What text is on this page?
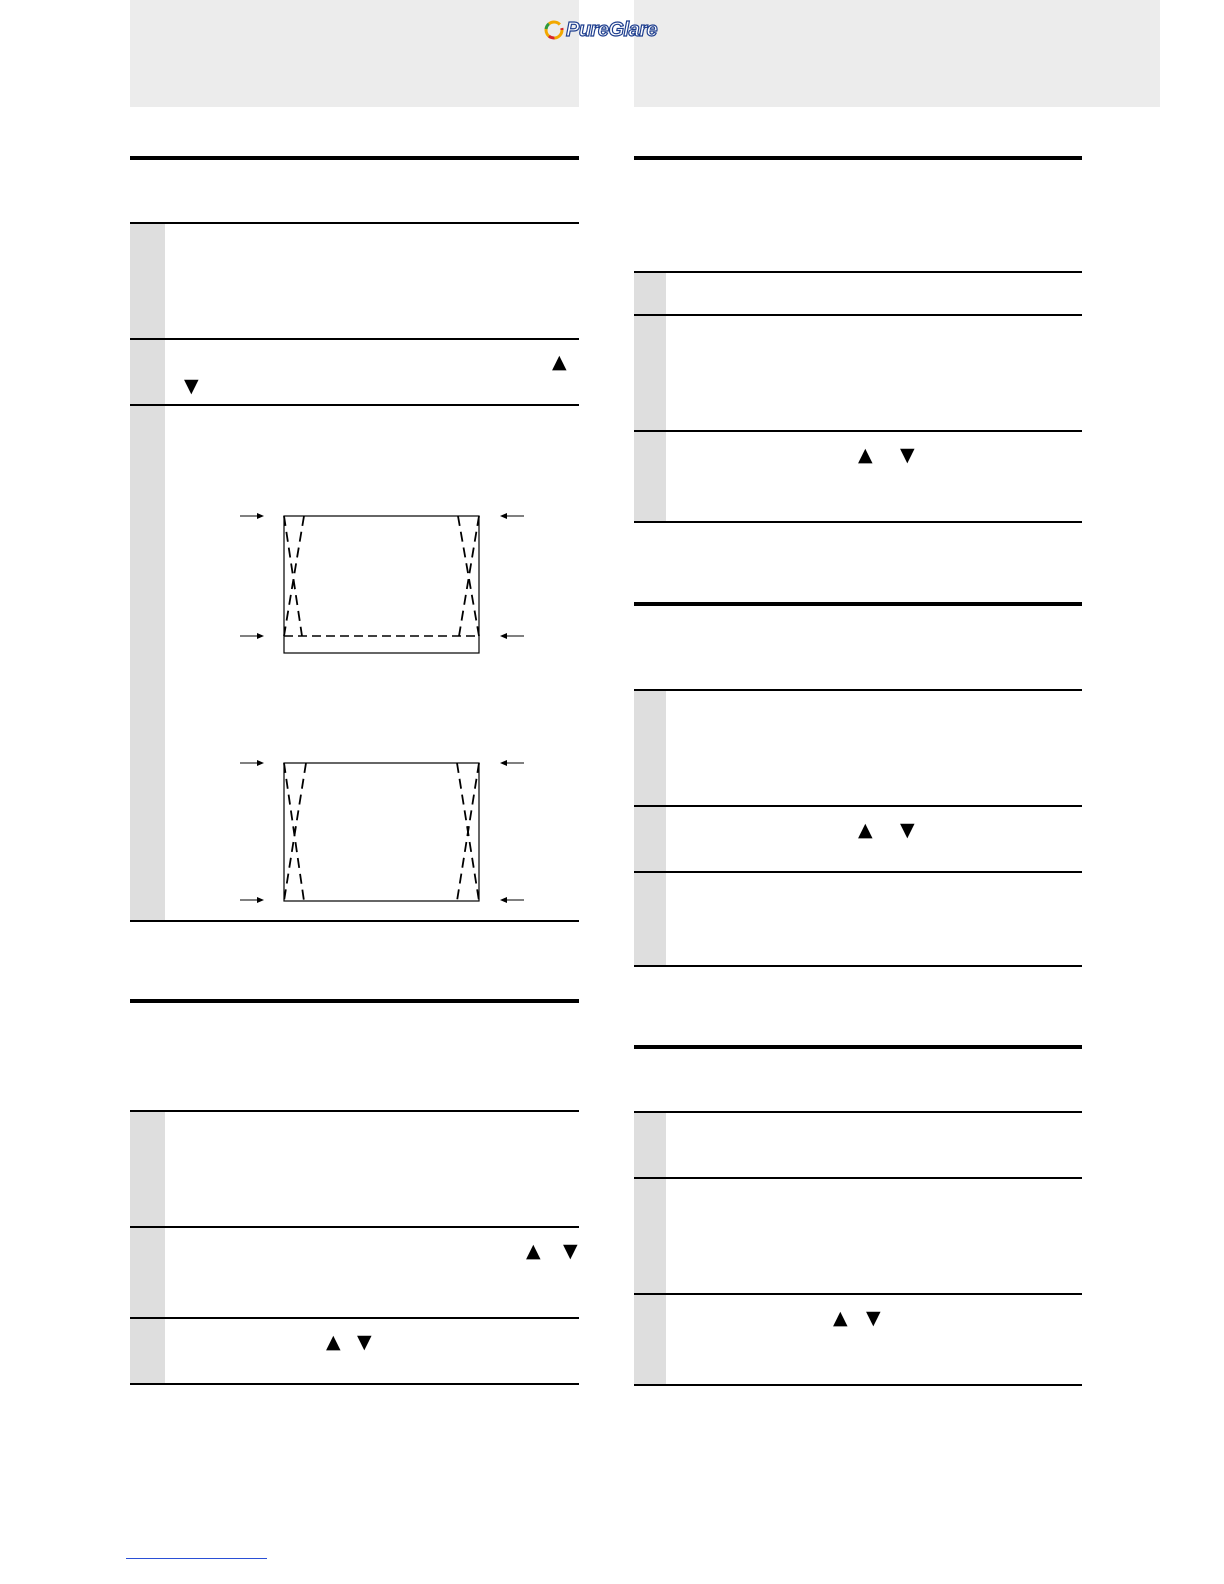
PureGlare
▲
▼
▲ ▼
▲ ▼
▲ ▼
▲ ▼
▲ ▼
